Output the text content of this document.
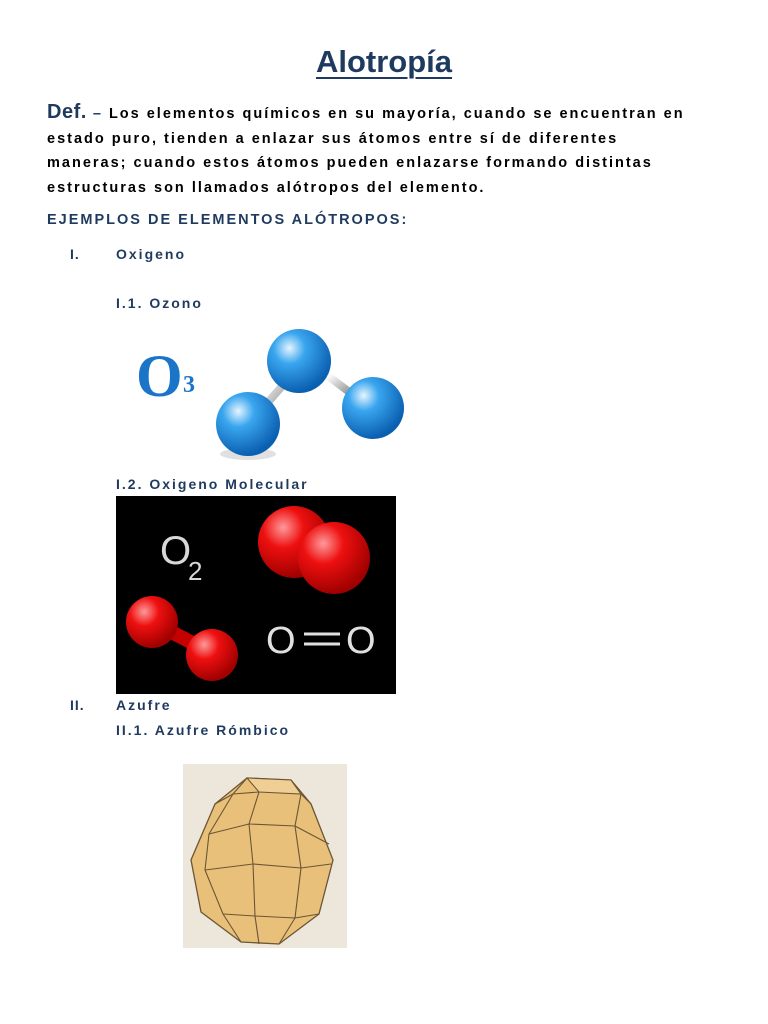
Alotropía
Def. – Los elementos químicos en su mayoría, cuando se encuentran en
estado puro, tienden a enlazar sus átomos entre sí de diferentes
maneras; cuando estos átomos pueden enlazarse formando distintas
estructuras son llamados alótropos del elemento.
EJEMPLOS DE ELEMENTOS ALÓTROPOS:
I.	Oxigeno
I.1. Ozono
O 3
I.2. Oxigeno Molecular
O
2
O O
II. Azufre
II.1. Azufre Rómbico
